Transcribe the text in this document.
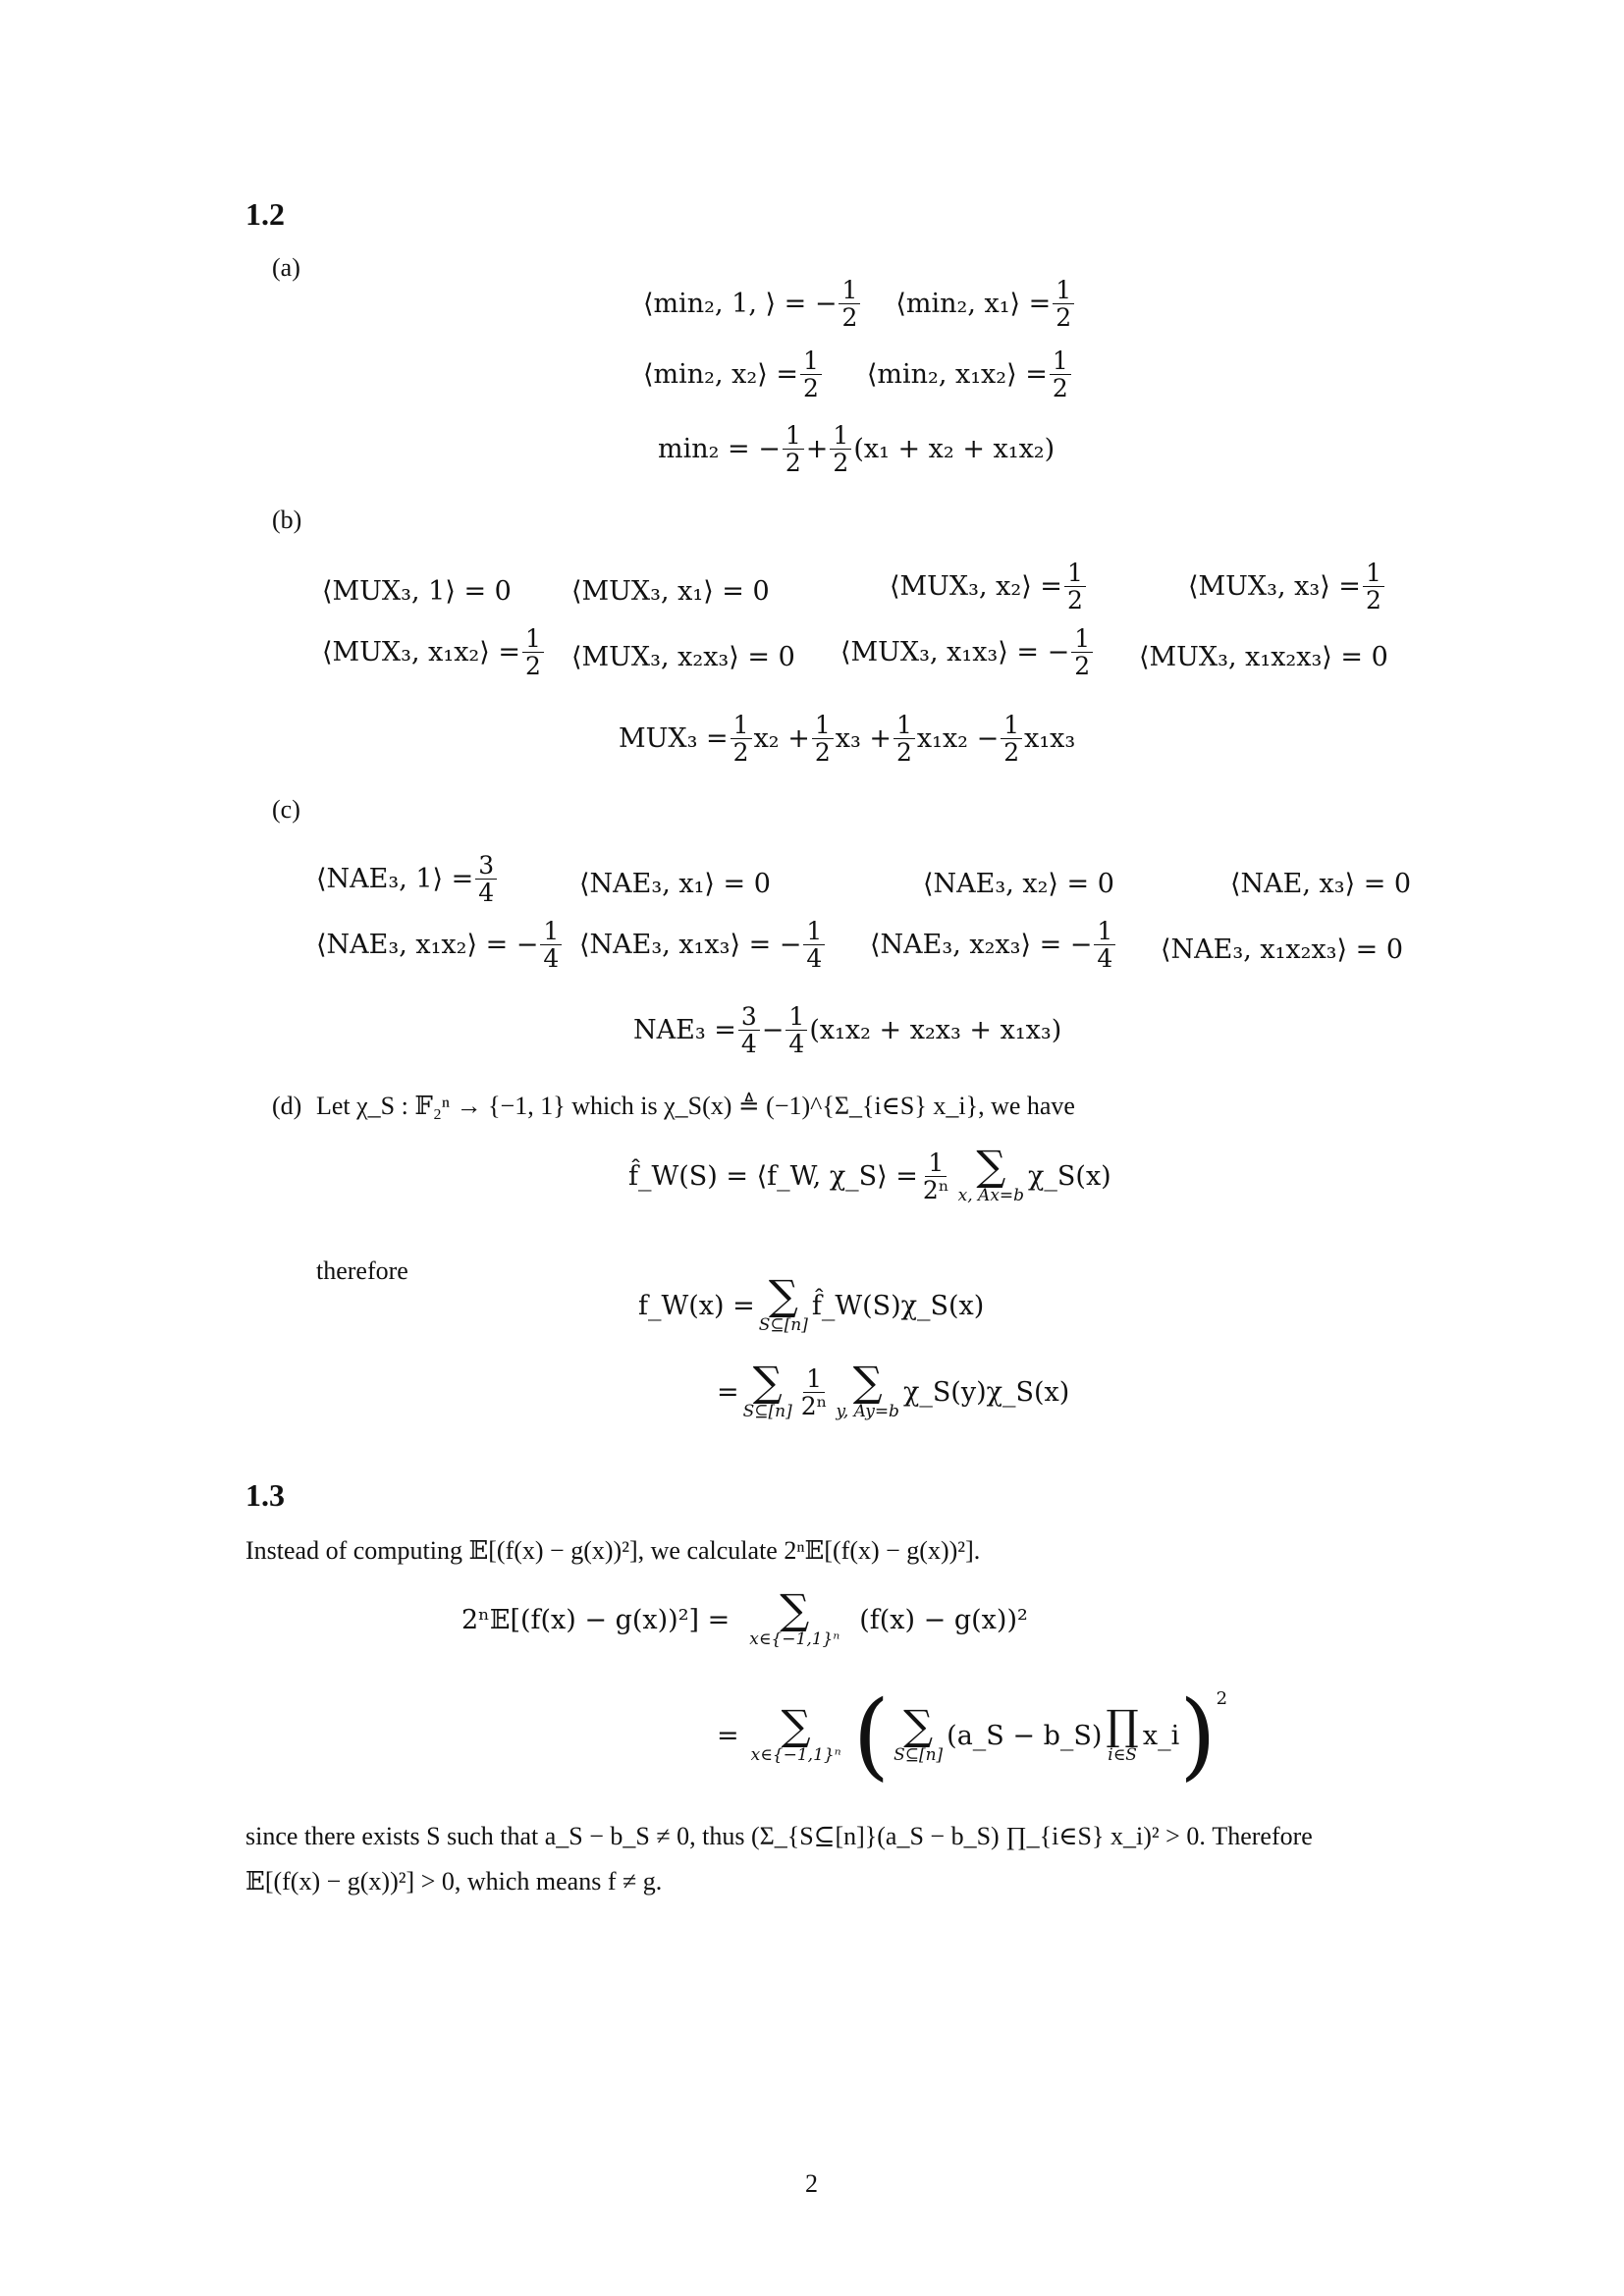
1.2
(a)
⟨min₂, 1, ⟩ = − $\frac{1}{2}$ ⟨min₂, x₁⟩ = $\frac{1}{2}$
⟨min₂, x₂⟩ = $\frac{1}{2}$ ⟨min₂, x₁x₂⟩ = $\frac{1}{2}$
min₂ = − $\frac{1}{2} + \frac{1}{2} (x_1 + x_2 + x_1x_2)$
(b)
⟨MUX₃, 1⟩ = 0 ⟨MUX₃, x₁⟩ = 0	⟨MUX₃, x₂⟩ = $\frac{1}{2}$	⟨MUX₃, x₃⟩ = $\frac{1}{2}$
⟨MUX₃, x₁x₂⟩ = $\frac{1}{2}$ ⟨MUX₃, x₂x₃⟩ = 0 ⟨MUX₃, x₁x₃⟩ = − $\frac{1}{2}$ ⟨MUX₃, x₁x₂x₃⟩ = 0
$MUX_3 = \frac{1}{2} x_2 + \frac{1}{2} x_3 + \frac{1}{2} x_1x_2 - \frac{1}{2} x_1x_3$
(c)
⟨NAE₃, 1⟩ = $\frac{3}{4}$	⟨NAE₃, x₁⟩ = 0	⟨NAE₃, x₂⟩ = 0	⟨NAE, x₃⟩ = 0
⟨NAE₃, x₁x₂⟩ = − $\frac{1}{4}$ ⟨NAE₃, x₁x₃⟩ = − $\frac{1}{4}$ ⟨NAE₃, x₂x₃⟩ = − $\frac{1}{4}$ ⟨NAE₃, x₁x₂x₃⟩ = 0
$NAE_3 = \frac{3}{4} - \frac{1}{4} (x_1x_2 + x_2x_3 + x_1x_3)$
(d) Let χ_S : 𝔽₂ⁿ → {−1, 1} which is χ_S(x) ≜ (−1)^{Σ_{i∈S} x_i}, we have
f̂_W(S) = ⟨f_W, χ_S⟩ = $\frac{1}{\text{2ⁿ}}$ ∑
x, Ax=b
χ_S(x)
therefore
f_W(x) = ∑
S⊆[n]
f̂_W(S)χ_S(x)
= ∑
S⊆[n] $\frac{1}{\text{2ⁿ}}$ ∑
y, Ay=b
χ_S(y)χ_S(x)
1.3
Instead of computing 𝔼[(f(x) − g(x))²], we calculate 2ⁿ𝔼[(f(x) − g(x))²].
2ⁿ𝔼[(f(x) − g(x))²] = ∑
x∈{−1,1}ⁿ
(f(x) − g(x))²
= ∑
x∈{−1,1}ⁿ ( ∑
S⊆[n]
(a_S − b_S) ∏
i∈S
x_i ) 2
since there exists S such that a_S − b_S ≠ 0, thus (Σ_{S⊆[n]}(a_S − b_S) ∏_{i∈S} x_i)² > 0. Therefore
𝔼[(f(x) − g(x))²] > 0, which means f ≠ g.
2
